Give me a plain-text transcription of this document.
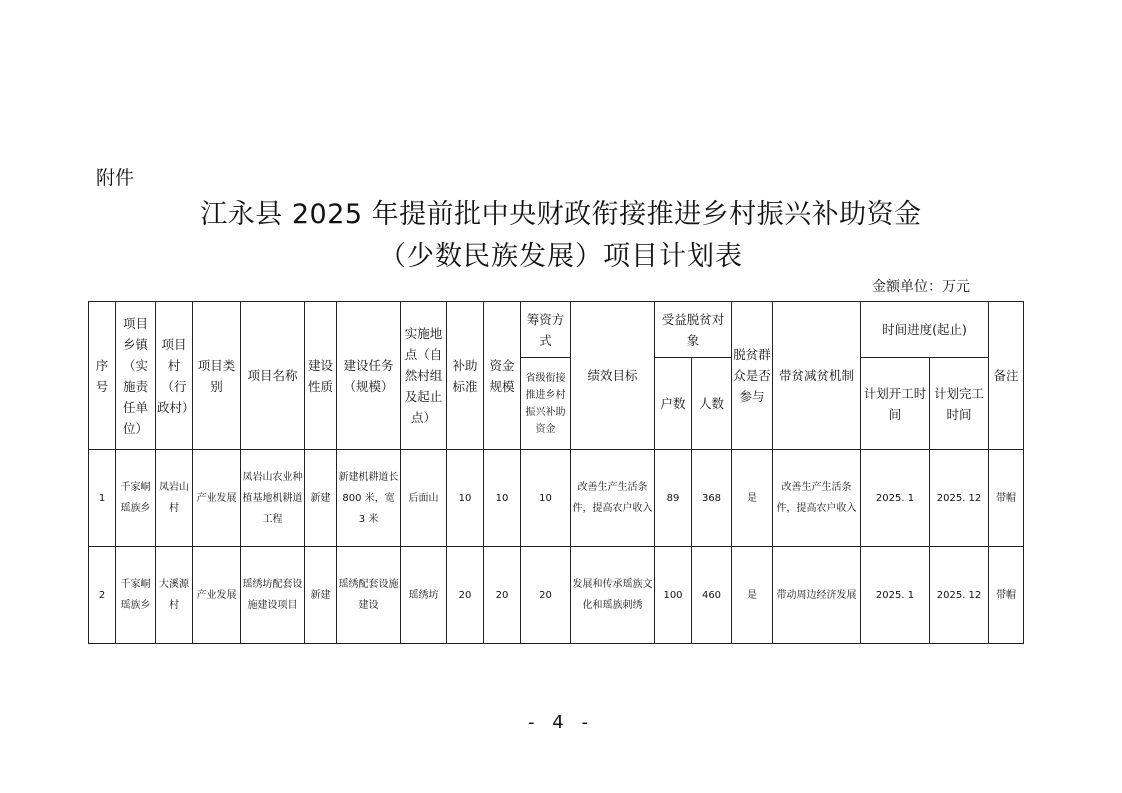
附件
江永县 2025 年提前批中央财政衔接推进乡村振兴补助资金
（少数民族发展）项目计划表
金额单位：万元
序号	项目乡镇（实施责任单位）	项目村（行政村）	项目类别	项目名称	建设性质	建设任务（规模）	实施地点（自然村组及起止点）	补助标准	资金规模	筹资方式	绩效目标	受益脱贫对象		脱贫群众是否参与	带贫减贫机制	时间进度(起止)		备注
										省级衔接推进乡村振兴补助资金		户数	人数			计划开工时间	计划完工时间	
1	千家峒瑶族乡	凤岩山村	产业发展	凤岩山农业种植基地机耕道工程	新建	新建机耕道长 800 米，宽 3 米	后面山	10	10	10	改善生产生活条件，提高农户收入	89	368	是	改善生产生活条件，提高农户收入	2025. 1	2025. 12	带帽
2	千家峒瑶族乡	大溪源村	产业发展	瑶绣坊配套设施建设项目	新建	瑶绣配套设施建设	瑶绣坊	20	20	20	发展和传承瑶族文化和瑶族刺绣	100	460	是	带动周边经济发展	2025. 1	2025. 12	带帽
- 4 -
